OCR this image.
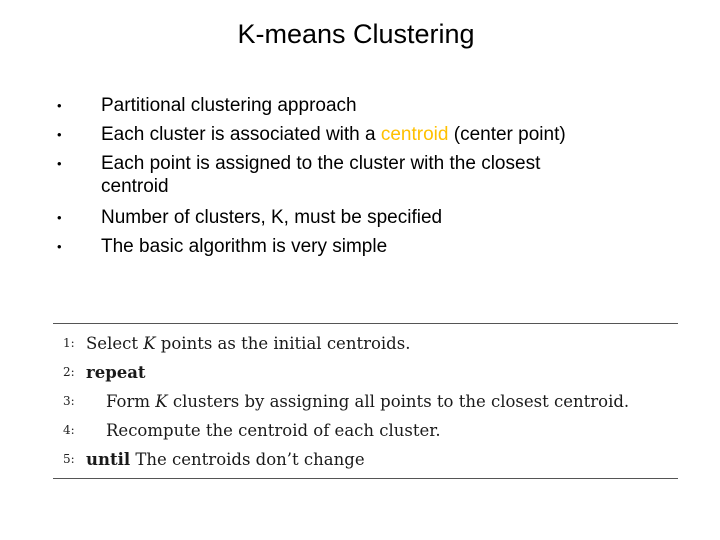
K-means Clustering
• Partitional clustering approach
• Each cluster is associated with a centroid (center point)
• Each point is assigned to the cluster with the closest
centroid
• Number of clusters, K, must be specified
• The basic algorithm is very simple
1: Select K points as the initial centroids.
2: repeat
3: Form K clusters by assigning all points to the closest centroid.
4: Recompute the centroid of each cluster.
5: until The centroids don’t change
